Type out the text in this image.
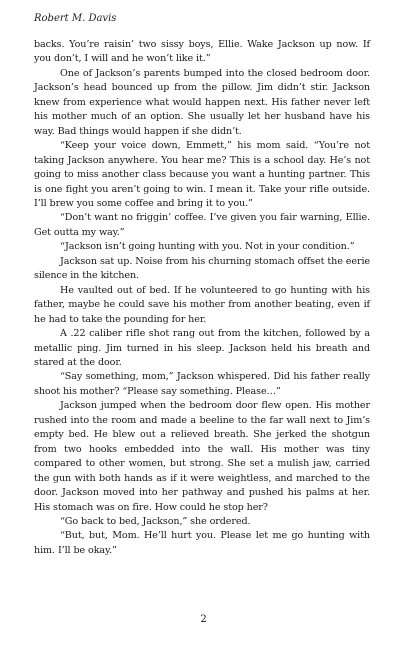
Robert M. Davis

backs. You’re raisin’ two sissy boys, Ellie. Wake Jackson up now. If you don’t, I will and he won’t like it.”

One of Jackson’s parents bumped into the closed bedroom door. Jackson’s head bounced up from the pillow. Jim didn’t stir. Jackson knew from experience what would happen next. His father never left his mother much of an option. She usually let her husband have his way. Bad things would happen if she didn’t.

“Keep your voice down, Emmett,” his mom said. “You’re not taking Jackson anywhere. You hear me? This is a school day. He’s not going to miss another class because you want a hunting partner. This is one fight you aren’t going to win. I mean it. Take your rifle outside. I’ll brew you some coffee and bring it to you.”

“Don’t want no friggin’ coffee. I’ve given you fair warning, Ellie. Get outta my way.”

“Jackson isn’t going hunting with you. Not in your condition.”

Jackson sat up. Noise from his churning stomach offset the eerie silence in the kitchen.

He vaulted out of bed. If he volunteered to go hunting with his father, maybe he could save his mother from another beating, even if he had to take the pounding for her.

A .22 caliber rifle shot rang out from the kitchen, followed by a metallic ping. Jim turned in his sleep. Jackson held his breath and stared at the door.

“Say something, mom,” Jackson whispered. Did his father really shoot his mother? “Please say something. Please…”

Jackson jumped when the bedroom door flew open. His mother rushed into the room and made a beeline to the far wall next to Jim’s empty bed. He blew out a relieved breath. She jerked the shotgun from two hooks embedded into the wall. His mother was tiny compared to other women, but strong. She set a mulish jaw, carried the gun with both hands as if it were weightless, and marched to the door. Jackson moved into her pathway and pushed his palms at her. His stomach was on fire. How could he stop her?

“Go back to bed, Jackson,” she ordered.

“But, but, Mom. He’ll hurt you. Please let me go hunting with him. I’ll be okay.”

2
